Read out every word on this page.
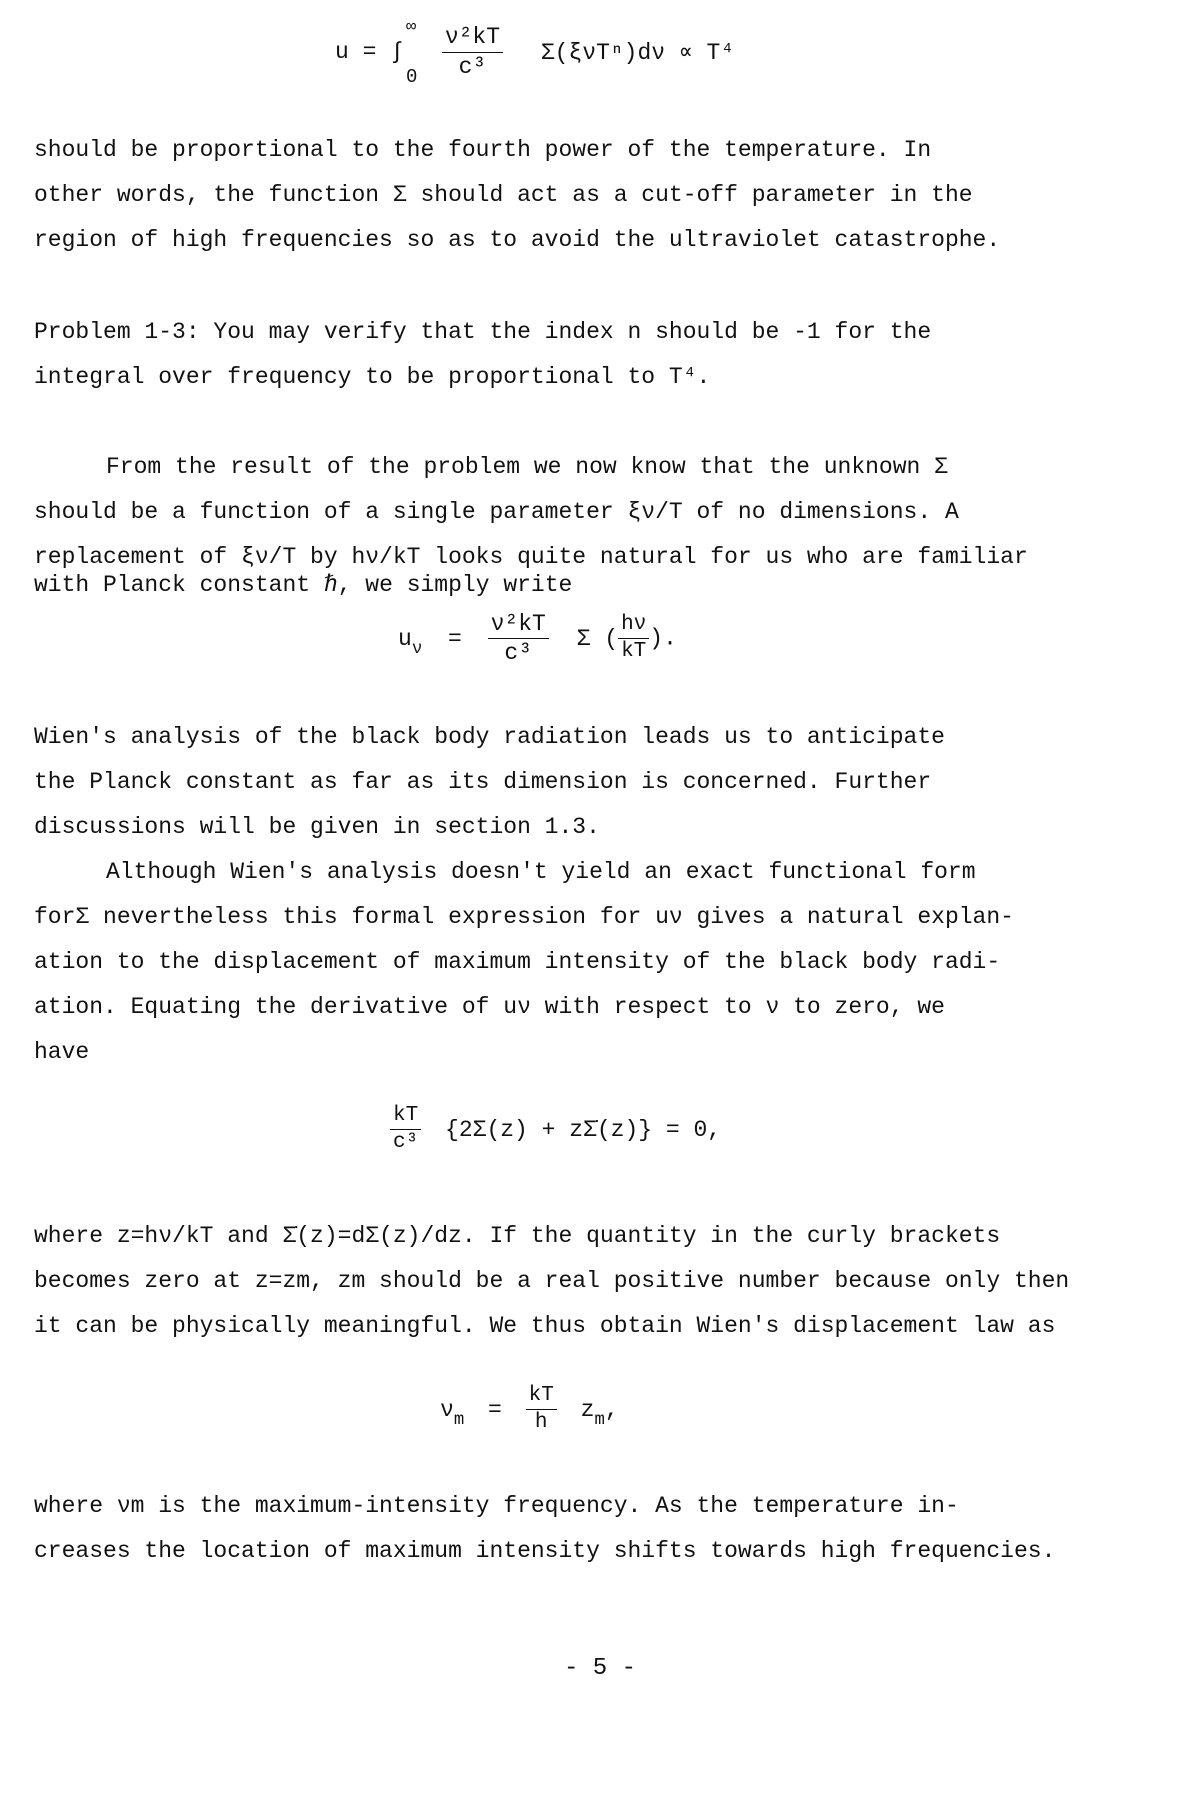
u = ∫
∞
0
$\frac{\text{ν²kT}}{\text{c³}} \Sigma(\xi\nu T^n)d\nu \propto T^4$
should be proportional to the fourth power of the temperature. In
other words, the function Σ should act as a cut-off parameter in the
region of high frequencies so as to avoid the ultraviolet catastrophe.
Problem 1-3: You may verify that the index n should be -1 for the
integral over frequency to be proportional to T⁴.
From the result of the problem we now know that the unknown Σ
should be a function of a single parameter ξν/T of no dimensions. A
replacement of ξν/T by hν/kT looks quite natural for us who are familiar
with Planck constant ℏ, we simply write
$u_\nu = \frac{\text{ν²kT}}{\text{c³}}$ Σ ( $\frac{h\nu}{kT}$ ).
Wien's analysis of the black body radiation leads us to anticipate
the Planck constant as far as its dimension is concerned. Further
discussions will be given in section 1.3.
Although Wien's analysis doesn't yield an exact functional form
forΣ nevertheless this formal expression for uν gives a natural explan-
ation to the displacement of maximum intensity of the black body radi-
ation. Equating the derivative of uν with respect to ν to zero, we
have
$\frac{kT}{\text{c³}} \{2\Sigma(z)$ + zΣ̇(z)} = 0,
where z=hν/kT and Σ̇(z)=dΣ(z)/dz. If the quantity in the curly brackets
becomes zero at z=zm, zm should be a real positive number because only then
it can be physically meaningful. We thus obtain Wien's displacement law as
$\nu_m = \frac{kT}{h} z_m$,
where νm is the maximum-intensity frequency. As the temperature in-
creases the location of maximum intensity shifts towards high frequencies.
- 5 -
